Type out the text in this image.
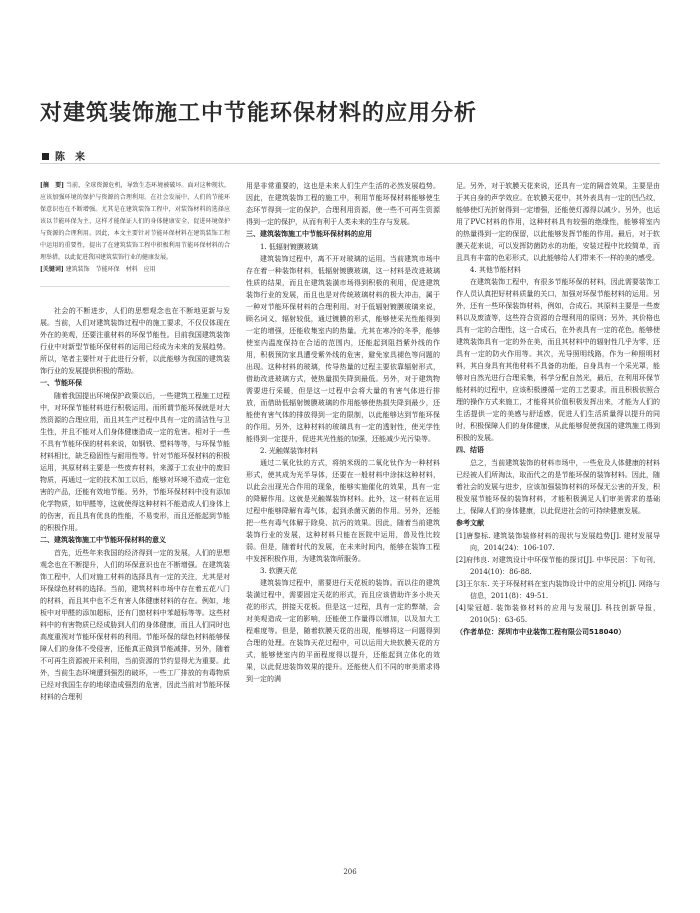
对建筑装饰施工中节能环保材料的应用分析
陈　来

[摘　要] 当前，全球资源危机，导致生态环境被破坏。面对这种现状，应该加强环境的保护与资源的合理利用。在社会发展中，人们的节能环保意识也在不断增强。尤其是在建筑装饰工程中，对装饰材料的选择应该以节能环保为主，这样才能保证人们的身体健康安全，促进环境保护与资源的合理利用。因此，本文主要针对节能环保材料在建筑装饰工程中运用的重要性，提出了在建筑装饰工程中积极利用节能环保材料的合理举措，以此促进我国建筑装饰行业的健康发展。

[关键词] 建筑装饰　节能环保　材料　应用

社会的不断进步，人们的思想观念也在不断地更新与发展。当前，人们对建筑装饰过程中的施工要求，不仅仅体现在外在的美观，还要注重材料的环保节能性。目前我国建筑装饰行业中对新型节能环保材料的运用已经成为未来的发展趋势。所以，笔者主要针对于此进行分析，以此能够为我国的建筑装饰行业的发展提供积极的帮助。

一、节能环保

随着我国提出环境保护政策以后，一些建筑工程施工过程中，对环保节能材料进行积极运用。而所谓节能环保就是对大然资源的合理应用，而且其生产过程中具有一定的清洁性与卫生性，并且不能对人们身体健康造成一定的危害。相对于一些不具有节能环保的材料来说，如钢铁、塑料等等，与环保节能材料相比，缺乏稳固性与耐用性等。针对节能环保材料的积极运用，其原材料主要是一些废弃材料，来源于工农业中的废旧物质，再通过一定的技术加工以后，能够对环境不造成一定危害的产品，还能有效地节能。另外，节能环保材料中没有添加化学物质，如甲醛等，这就使得这种材料不能造成人们身体上的伤害，而且具有优良的性能，不易变形，而且还能起到节能的积极作用。

二、建筑装饰施工中节能环保材料的意义

首先，近些年来我国的经济得到一定的发展，人们的思想观念也在不断提升，人们的环保意识也在不断增强。在建筑装饰工程中，人们对施工材料的选择具有一定的关注，尤其是对环保绿色材料的选择。当前，建筑材料市场中存在着五花八门的材料，而且其中也不乏有害人体健康材料的存在。例如，地板中对甲醛的添加超标，还有门窗材料中苯超标等等。这些材料中的有害物质已经成胁到人们的身体健康，而且人们同时也高度重视对节能环保材料的利用。节能环保的绿色材料能够保障人们的身体不受侵害，还能真正做到节能减排。另外，随着不可再生资源被开采利用，当前资源的节约显得尤为重要。此外，当前生态环境遭到强烈的破坏，一些工厂排放的有毒物质已经对我国生存的地球造成强烈的危害，因此当前对节能环保材料的合理利

用是非常重要的，这也是未来人们生产生活的必然发展趋势。因此，在建筑装饰工程的施工中，利用节能环保材料能够使生态环节得到一定的保护，合理利用资源，使一些不可再生资源得到一定的保护，从而有利于人类未来的生存与发展。

三、建筑装饰施工中节能环保材料的应用
1. 低辐射镀膜玻璃

建筑装饰过程中，离不开对玻璃的运用。当前建筑市场中存在着一种装饰材料，低辐射镀膜玻璃，这一材料是改进玻璃性质的结果，而且在建筑装潢市场得到积极的利用，促进建筑装饰行业的发展，而且也是对传统玻璃材料的极大冲击，属于一种对节能环保材料的合理利用。对于低辐射镀膜玻璃来说，顾名词义，辐射较低，通过镀膜的形式，能够使采光性能得到一定的增强，还能收集室内的热量。尤其在寒冷的冬季，能够使室内温度保持在合适的范围内，还能起到阻挡紫外线的作用，积极预防家具遭受紫外线的危害，避免家具褪色等问题的出现。这种材料的玻璃，传导热量的过程主要依靠辐射形式，借助改进玻璃方式，使热量损失降到最低。另外，对于建筑物需要进行采暖，但是这一过程中会将大量的有害气体进行排放，而借助低辐射镀膜玻璃的作用能够使热损失降到最少，还能使有害气体的排放得到一定的限制，以此能够达到节能环保的作用。另外，这种材料的玻璃具有一定的透射性，使光学性能得到一定提升，促进其光性能的加强，还能减少光污染等。

2. 光触媒装饰材料

通过二氧化钛的方式，将纳米级的二氧化钛作为一种材料形式，使其成为光半导体，还要在一般材料中涂抹这种材料，以此会出现光合作用的现象，能够实施催化的效果，具有一定的降解作用。这就是光触媒装饰材料。此外，这一材料在运用过程中能够降解有毒气体，起到杀菌灭菌的作用。另外，还能把一些有毒气体解于除臭、抗污的效果。因此，随着当前建筑装饰行业的发展，这种材料只能在医院中运用，兽及性比较弱。但是，随着时代的发展，在未来时间内，能够在装饰工程中发挥积极作用，为建筑装饰所服务。

3. 软膜天花

建筑装饰过程中，需要进行天花板的装饰。而以往的建筑装潢过程中，需要固定天花的形式，而且应该借助许多小块天花的形式，拼接天花板。但是这一过程，具有一定的弊端，会对美观造成一定的影响，还能使工作量得以增加，以及加大工程难度等。但是，随着软膜天花的出现，能够将这一问题得到合理的处理。在装饰天花过程中，可以运用大块软膜天花的方式，能够使室内的平面程度得以提升，还能起到立体化的效果，以此促进装饰效果的提升。还能使人们不同的审美需求得到一定的满

足。另外，对于软膜天花来说，还具有一定的隔音效果，主要是由于其自身的声学效应。在软膜天花中，其外表具有一定的凹凸纹，能够使灯光折射得到一定增强，还能使灯源得以减少。另外，也运用了PVC材料的作用，这种材料具有较强的绝缘性，能够将室内的热量得到一定的保留，以此能够发挥节能的作用。最后，对于软膜天花来说，可以发挥防菌防水的功能，安装过程中比较简单，而且具有丰富的色彩形式，以此能够给人们带来不一样的美的感受。

4. 其他节能材料

在建筑装饰工程中，有很多节能环保的材料，因此需要装饰工作人员认真把好材料质量的关口，加强对环保节能材料的运用。另外，还有一些环保装饰材料，例如，合成石。其原料主要是一些废料以及废渣等，这些符合资源的合理利用的原则；另外，其价格也具有一定的合理性，这一合成石，在外表具有一定的花色，能够使建筑装饰具有一定的外在美，而且其材料中的辐射性几乎为零，还具有一定的防火作用等。其次，光导照明线路，作为一种照明材料，其自身具有其他材料不具备的功能，自身具有一个采光罩，能够对自然光进行合理采集，科学分配自然光，最后，在利用环保节能材料的过程中，应该积极遵循一定的工艺要求，而且积极依照合理的操作方式来施工，才能将其价值积极发挥出来，才能为人们的生活提供一定的美感与舒适感，促进人们生活质量得以提升的同时，积极保障人们的身体健康，从此能够促使我国的建筑施工得到积极的发展。

四、结语

总之，当前建筑装饰的材料市场中，一些危及人体健康的材料已经被人们所淘汰，取而代之的是节能环保的装饰材料。因此，随着社会的发展与进步，应该加强装饰材料的环保无公害的开发，积极发展节能环保的装饰材料，才能积极满足人们审美需求的基础上，保障人们的身体健康，以此促进社会的可持续健康发展。

参考文献

[1]唐黎标. 建筑装饰装修材料的现状与发展趋势[J]. 建材发展导向，2014(24)：106-107.

[2]府伟良. 对建筑设计中环保节能的探讨[J]. 中华民居：下旬刊，2014(10)：86-88.

[3]王尔东. 关于环保材料在室内装饰设计中的应用分析[J]. 网络与信息，2011(8)：49-51.

[4]梁冠超. 装饰装修材料的应用与发展[J]. 科技创新导报，2010(5)：63-65.

（作者单位：深圳市中业装饰工程有限公司518040）

206
